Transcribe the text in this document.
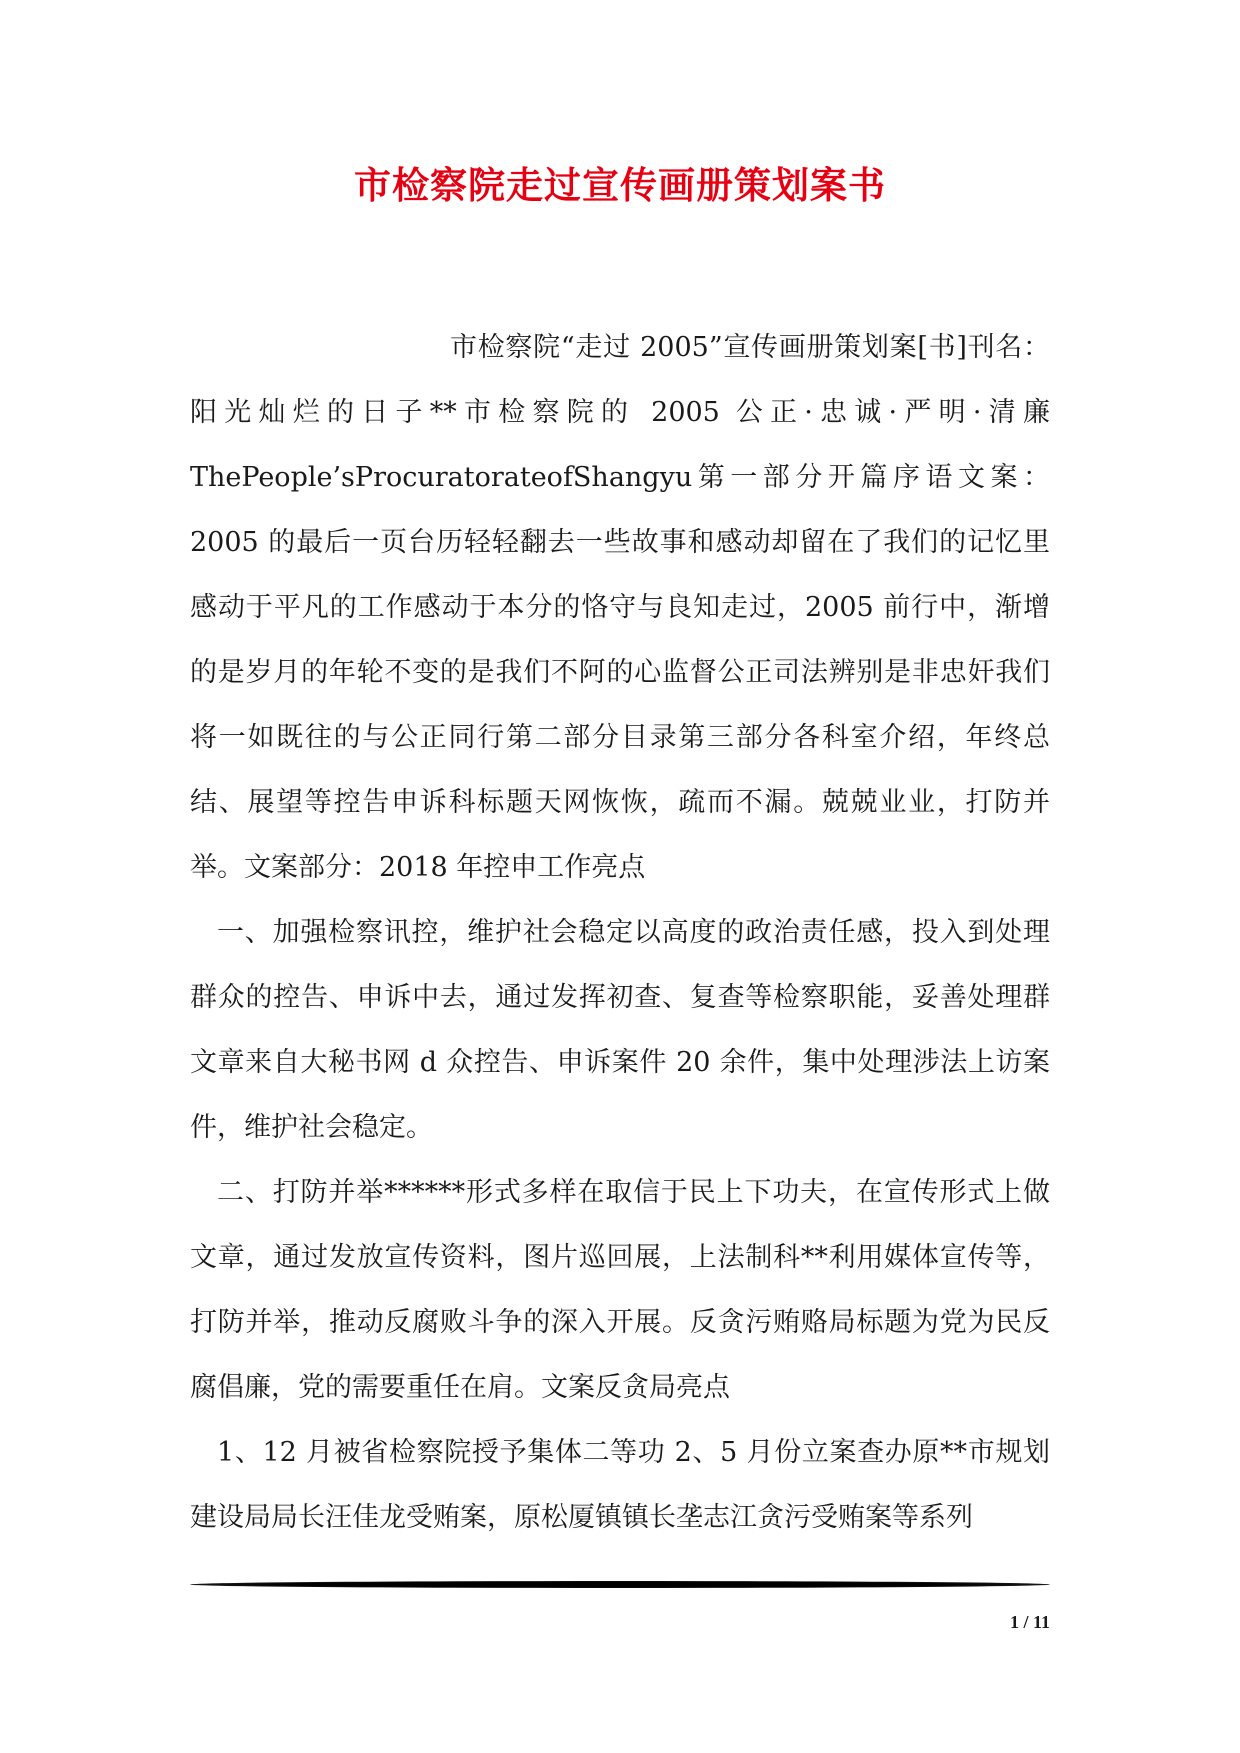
市检察院走过宣传画册策划案书

市检察院“走过 2005”宣传画册策划案[书]刊名：阳光灿烂的日子**市检察院的 2005 公正·忠诚·严明·清廉 ThePeople’sProcuratorateofShangyu第一部分开篇序语文案：2005 的最后一页台历轻轻翻去一些故事和感动却留在了我们的记忆里感动于平凡的工作感动于本分的恪守与良知走过，2005 前行中，渐增的是岁月的年轮不变的是我们不阿的心监督公正司法辨别是非忠奸我们将一如既往的与公正同行第二部分目录第三部分各科室介绍，年终总结、展望等控告申诉科标题天网恢恢，疏而不漏。兢兢业业，打防并举。文案部分：2018 年控申工作亮点

一、加强检察讯控，维护社会稳定以高度的政治责任感，投入到处理群众的控告、申诉中去，通过发挥初查、复查等检察职能，妥善处理群文章来自大秘书网 d 众控告、申诉案件 20 余件，集中处理涉法上访案件，维护社会稳定。

二、打防并举******形式多样在取信于民上下功夫，在宣传形式上做文章，通过发放宣传资料，图片巡回展，上法制科**利用媒体宣传等，打防并举，推动反腐败斗争的深入开展。反贪污贿赂局标题为党为民反腐倡廉，党的需要重任在肩。文案反贪局亮点

1、12 月被省检察院授予集体二等功 2、5 月份立案查办原**市规划建设局局长汪佳龙受贿案，原松厦镇镇长垄志江贪污受贿案等系列

1 / 11
